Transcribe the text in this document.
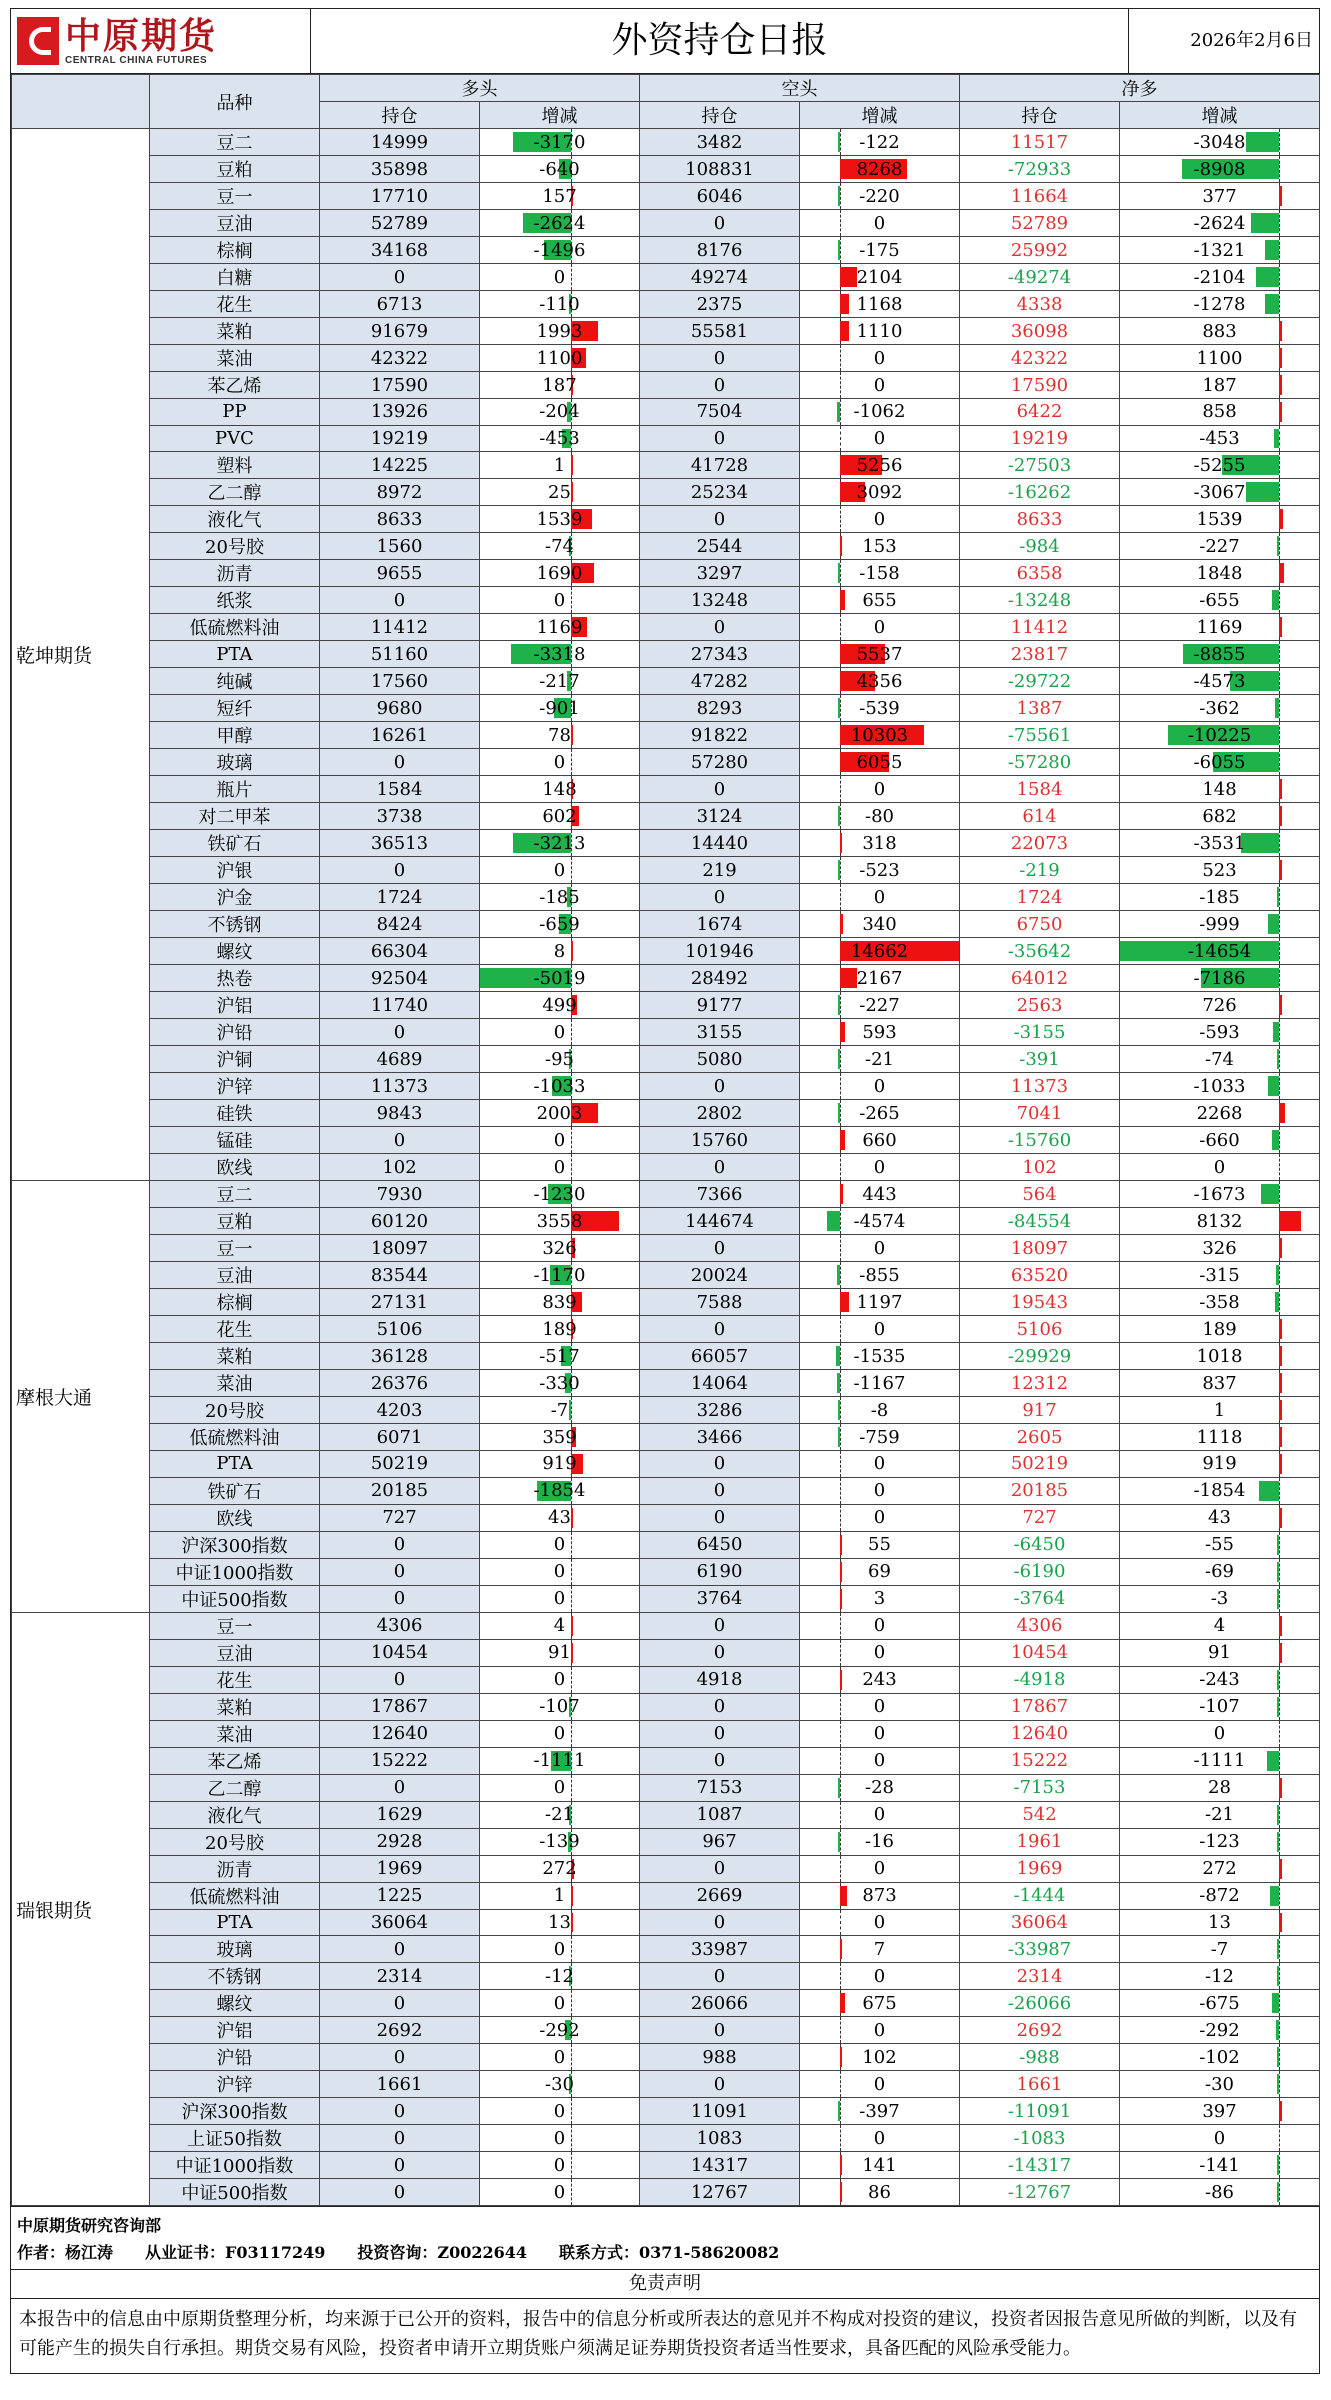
中原期货
CENTRAL CHINA FUTURES	外资持仓日报	2026年2月6日
	品种	多头		空头		净多	
		持仓	增减	持仓	增减	持仓	增减
乾坤期货	豆二	14999	-3170	3482	-122	11517	-3048
	豆粕	35898	-640	108831	8268	-72933	-8908
	豆一	17710	157	6046	-220	11664	377
	豆油	52789	-2624	0	0	52789	-2624
	棕榈	34168	-1496	8176	-175	25992	-1321
	白糖	0	0	49274	2104	-49274	-2104
	花生	6713	-110	2375	1168	4338	-1278
	菜粕	91679	1993	55581	1110	36098	883
	菜油	42322	1100	0	0	42322	1100
	苯乙烯	17590	187	0	0	17590	187
	PP	13926	-204	7504	-1062	6422	858
	PVC	19219	-453	0	0	19219	-453
	塑料	14225	1	41728	5256	-27503	-5255
	乙二醇	8972	25	25234	3092	-16262	-3067
	液化气	8633	1539	0	0	8633	1539
	20号胶	1560	-74	2544	153	-984	-227
	沥青	9655	1690	3297	-158	6358	1848
	纸浆	0	0	13248	655	-13248	-655
	低硫燃料油	11412	1169	0	0	11412	1169
	PTA	51160	-3318	27343	5537	23817	-8855
	纯碱	17560	-217	47282	4356	-29722	-4573
	短纤	9680	-901	8293	-539	1387	-362
	甲醇	16261	78	91822	10303	-75561	-10225
	玻璃	0	0	57280	6055	-57280	-6055
	瓶片	1584	148	0	0	1584	148
	对二甲苯	3738	602	3124	-80	614	682
	铁矿石	36513	-3213	14440	318	22073	-3531
	沪银	0	0	219	-523	-219	523
	沪金	1724	-185	0	0	1724	-185
	不锈钢	8424	-659	1674	340	6750	-999
	螺纹	66304	8	101946	14662	-35642	-14654
	热卷	92504	-5019	28492	2167	64012	-7186
	沪铝	11740	499	9177	-227	2563	726
	沪铅	0	0	3155	593	-3155	-593
	沪铜	4689	-95	5080	-21	-391	-74
	沪锌	11373	-1033	0	0	11373	-1033
	硅铁	9843	2003	2802	-265	7041	2268
	锰硅	0	0	15760	660	-15760	-660
	欧线	102	0	0	0	102	0
摩根大通	豆二	7930	-1230	7366	443	564	-1673
	豆粕	60120	3558	144674	-4574	-84554	8132
	豆一	18097	326	0	0	18097	326
	豆油	83544	-1170	20024	-855	63520	-315
	棕榈	27131	839	7588	1197	19543	-358
	花生	5106	189	0	0	5106	189
	菜粕	36128	-517	66057	-1535	-29929	1018
	菜油	26376	-330	14064	-1167	12312	837
	20号胶	4203	-7	3286	-8	917	1
	低硫燃料油	6071	359	3466	-759	2605	1118
	PTA	50219	919	0	0	50219	919
	铁矿石	20185	-1854	0	0	20185	-1854
	欧线	727	43	0	0	727	43
	沪深300指数	0	0	6450	55	-6450	-55
	中证1000指数	0	0	6190	69	-6190	-69
	中证500指数	0	0	3764	3	-3764	-3
瑞银期货	豆一	4306	4	0	0	4306	4
	豆油	10454	91	0	0	10454	91
	花生	0	0	4918	243	-4918	-243
	菜粕	17867	-107	0	0	17867	-107
	菜油	12640	0	0	0	12640	0
	苯乙烯	15222	-1111	0	0	15222	-1111
	乙二醇	0	0	7153	-28	-7153	28
	液化气	1629	-21	1087	0	542	-21
	20号胶	2928	-139	967	-16	1961	-123
	沥青	1969	272	0	0	1969	272
	低硫燃料油	1225	1	2669	873	-1444	-872
	PTA	36064	13	0	0	36064	13
	玻璃	0	0	33987	7	-33987	-7
	不锈钢	2314	-12	0	0	2314	-12
	螺纹	0	0	26066	675	-26066	-675
	沪铝	2692	-292	0	0	2692	-292
	沪铅	0	0	988	102	-988	-102
	沪锌	1661	-30	0	0	1661	-30
	沪深300指数	0	0	11091	-397	-11091	397
	上证50指数	0	0	1083	0	-1083	0
	中证1000指数	0	0	14317	141	-14317	-141
	中证500指数	0	0	12767	86	-12767	-86
中原期货研究咨询部
作者：杨江涛　　从业证书：F03117249　　投资咨询：Z0022644　　联系方式：0371-58620082
免责声明
本报告中的信息由中原期货整理分析，均来源于已公开的资料，报告中的信息分析或所表达的意见并不构成对投资的建议，投资者因报告意见所做的判断，以及有可能产生的损失自行承担。期货交易有风险，投资者申请开立期货账户须满足证券期货投资者适当性要求，具备匹配的风险承受能力。
